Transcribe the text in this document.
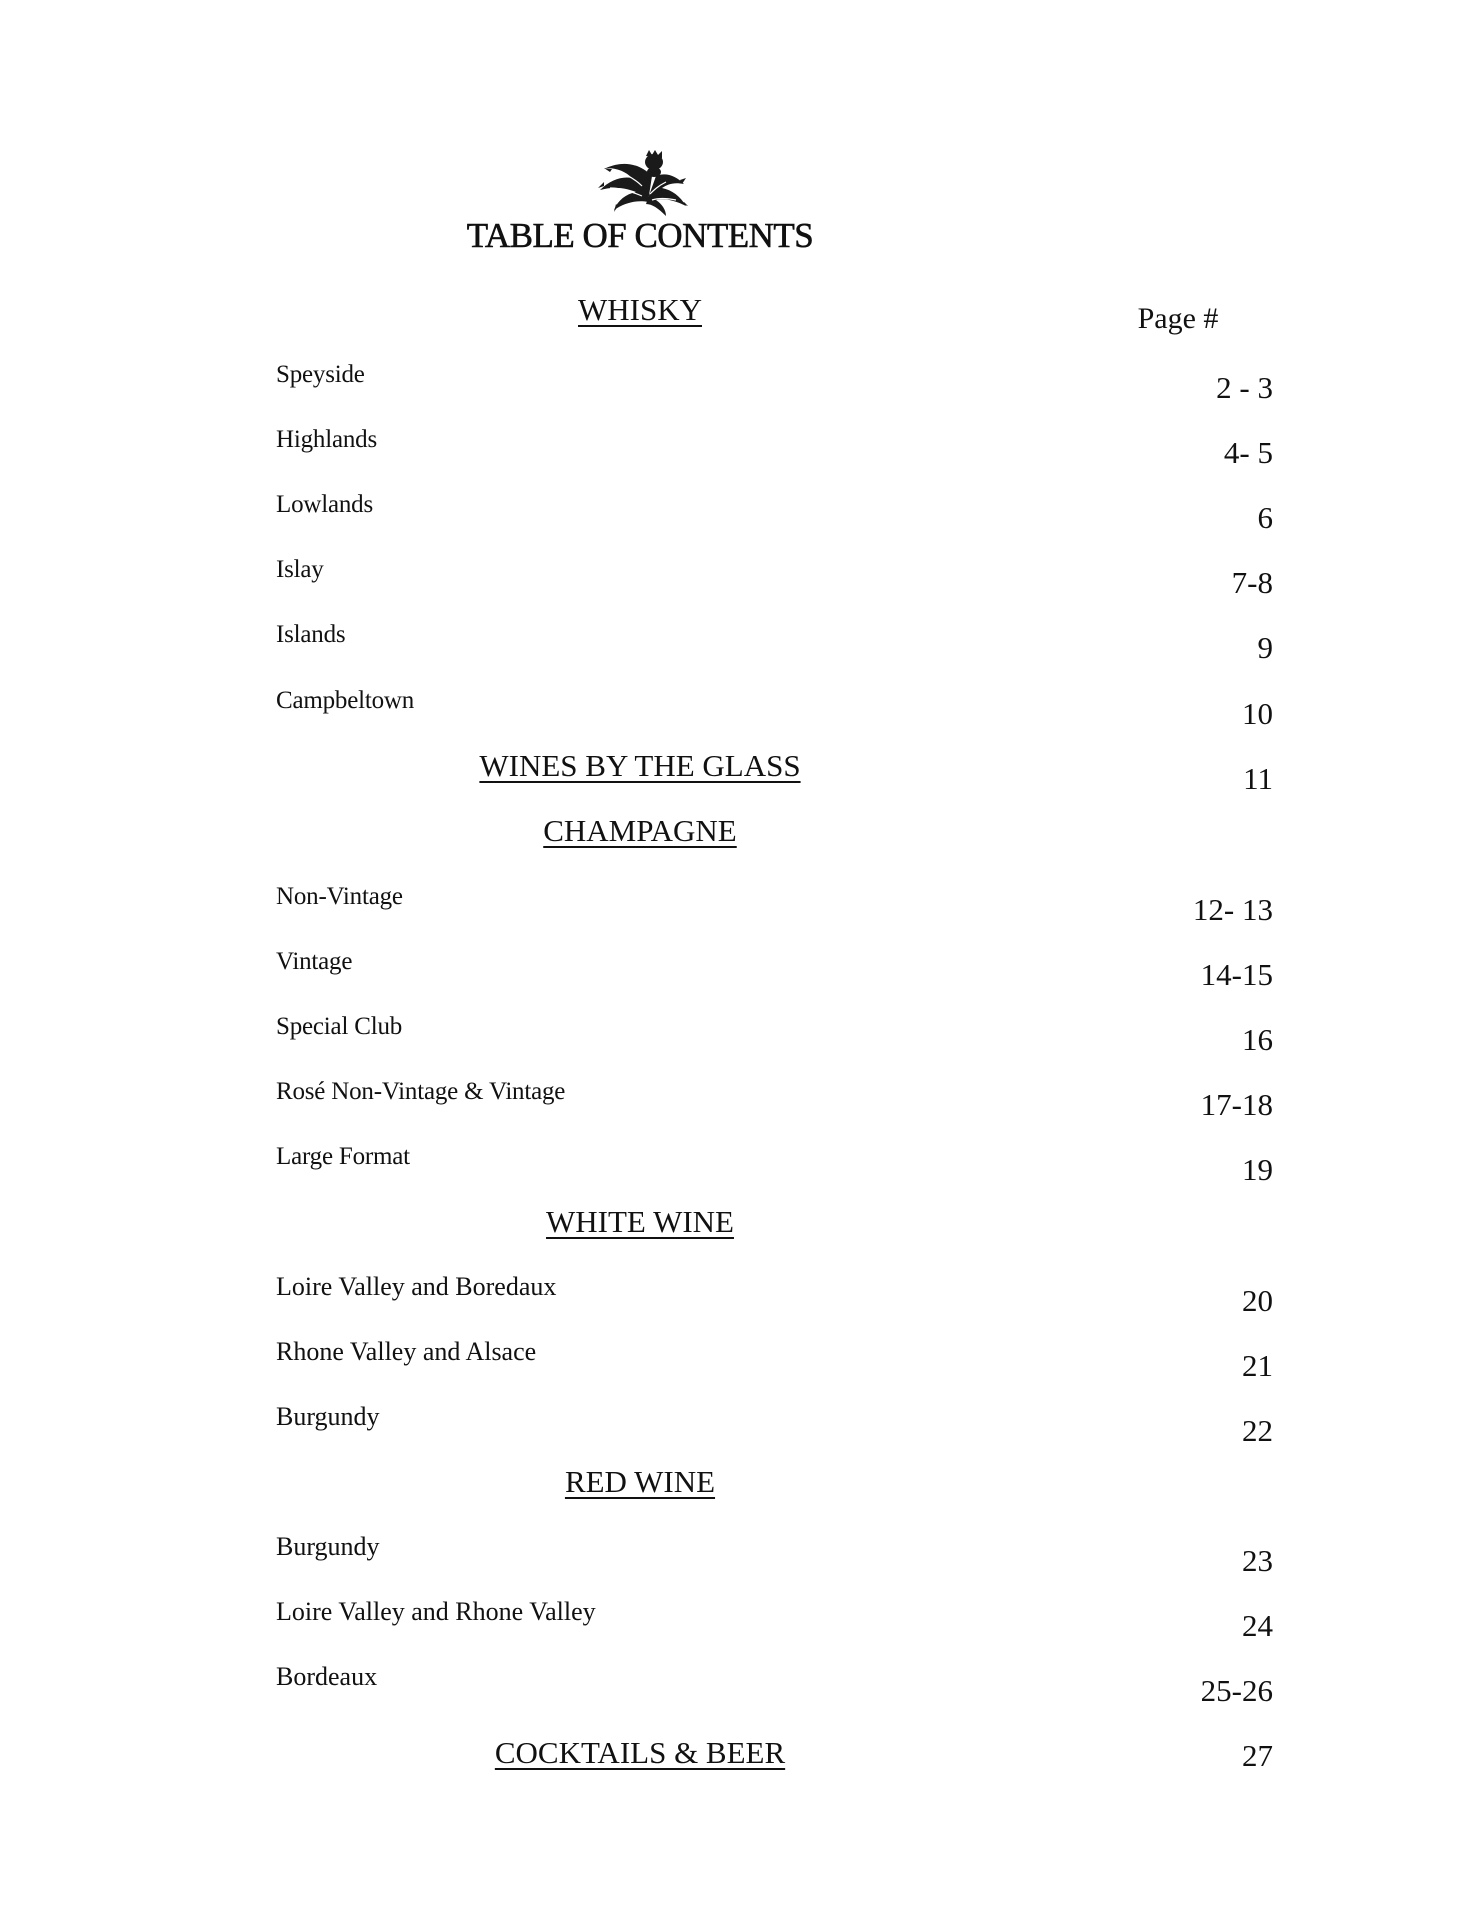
TABLE OF CONTENTS
Page #
WHISKY
Speyside	2 - 3
Highlands	4- 5
Lowlands	6
Islay	7-8
Islands	9
Campbeltown	10
WINES BY THE GLASS	11
CHAMPAGNE
Non-Vintage	12- 13
Vintage	14-15
Special Club	16
Rosé Non-Vintage & Vintage	17-18
Large Format	19
WHITE WINE
Loire Valley and Boredaux	20
Rhone Valley and Alsace	21
Burgundy	22
RED WINE
Burgundy	23
Loire Valley and Rhone Valley	24
Bordeaux	25-26
COCKTAILS & BEER	27
